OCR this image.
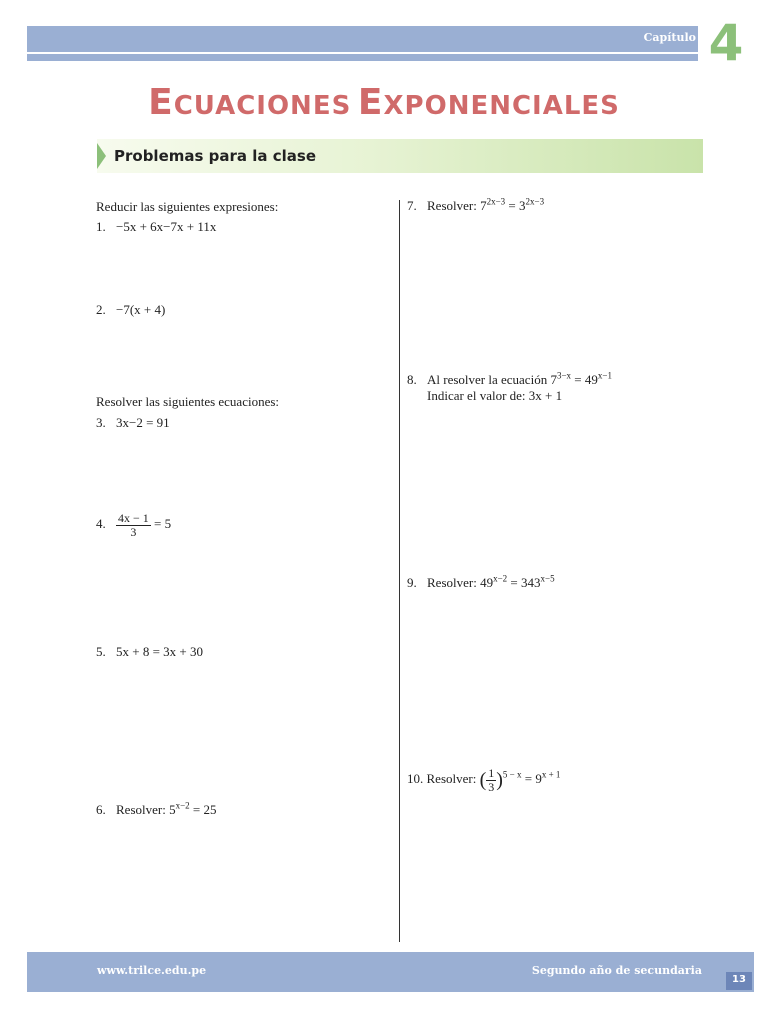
Capítulo 4
ECUACIONES EXPONENCIALES
Problemas para la clase
Reducir las siguientes expresiones:
1. −5x + 6x−7x + 11x
2. −7(x + 4)
Resolver las siguientes ecuaciones:
3. 3x−2 = 91
4. $\frac{4x - 1}{3} = 5$
5. 5x + 8 = 3x + 30
6. Resolver: $5^{x-2} = 25$
7. Resolver: $7^{2x-3} = 3^{2x-3}$
8. Al resolver la ecuación $7^{3-x} = 49^{x-1}$
Indicar el valor de: 3x + 1
9. Resolver: $49^{x-2} = 343^{x-5}$
10. Resolver: ( $\frac{1}{3} )^{5 - x} = 9^{x + 1}$
www.trilce.edu.pe	Segundo año de secundaria
13
